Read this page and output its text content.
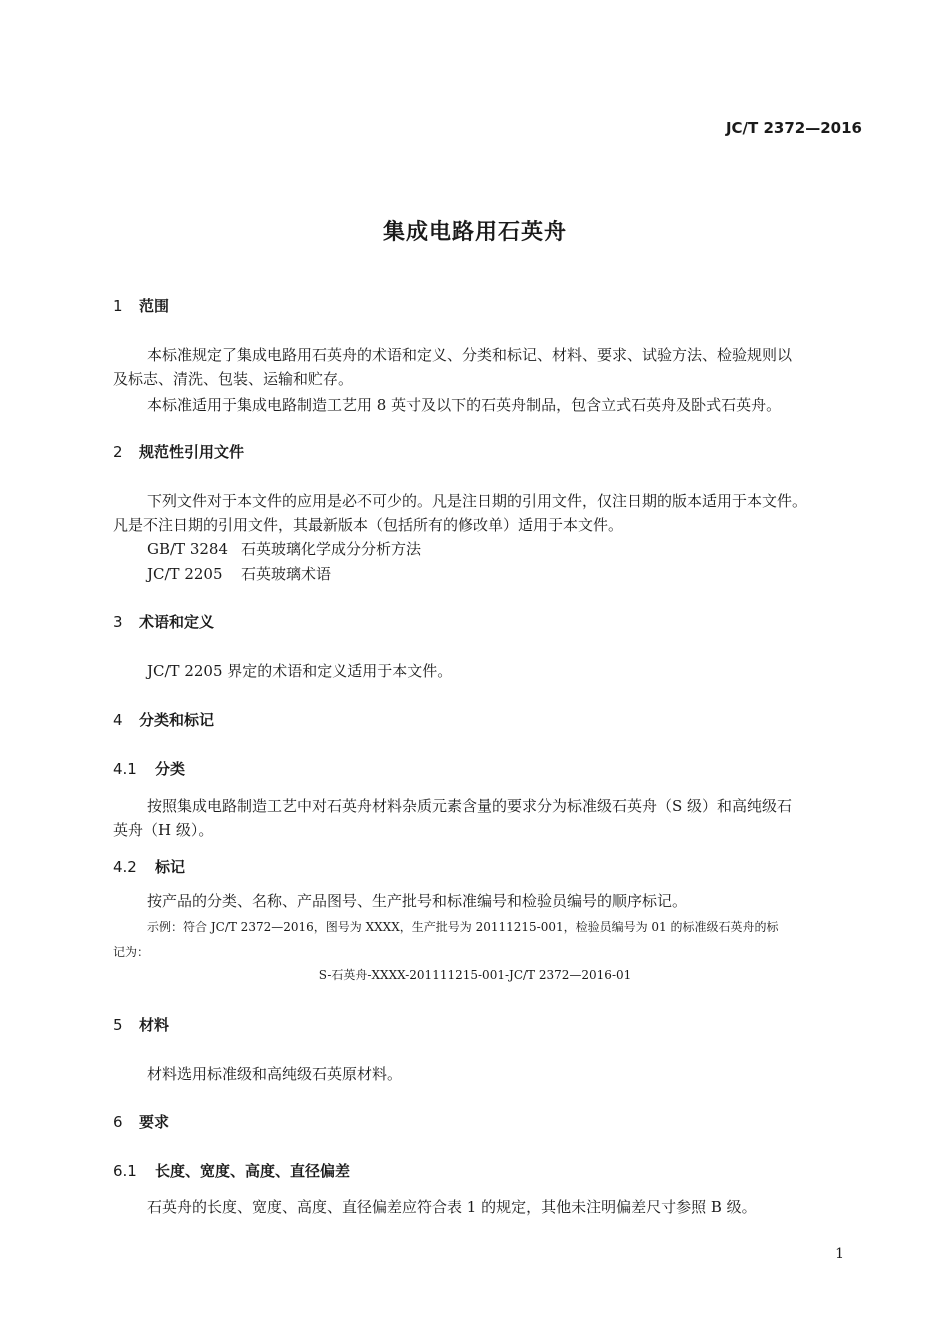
JC/T 2372—2016
集成电路用石英舟
1 范围
本标准规定了集成电路用石英舟的术语和定义、分类和标记、材料、要求、试验方法、检验规则以
及标志、清洗、包装、运输和贮存。
本标准适用于集成电路制造工艺用 8 英寸及以下的石英舟制品，包含立式石英舟及卧式石英舟。
2 规范性引用文件
下列文件对于本文件的应用是必不可少的。凡是注日期的引用文件，仅注日期的版本适用于本文件。
凡是不注日期的引用文件，其最新版本（包括所有的修改单）适用于本文件。
GB/T 3284 石英玻璃化学成分分析方法
JC/T 2205 石英玻璃术语
3 术语和定义
JC/T 2205 界定的术语和定义适用于本文件。
4 分类和标记
4.1 分类
按照集成电路制造工艺中对石英舟材料杂质元素含量的要求分为标准级石英舟（S 级）和高纯级石
英舟（H 级）。
4.2 标记
按产品的分类、名称、产品图号、生产批号和标准编号和检验员编号的顺序标记。
示例：符合 JC/T 2372—2016，图号为 XXXX，生产批号为 20111215-001，检验员编号为 01 的标准级石英舟的标
记为：
S-石英舟-XXXX-201111215-001-JC/T 2372—2016-01
5 材料
材料选用标准级和高纯级石英原材料。
6 要求
6.1 长度、宽度、高度、直径偏差
石英舟的长度、宽度、高度、直径偏差应符合表 1 的规定，其他未注明偏差尺寸参照 B 级。
1
